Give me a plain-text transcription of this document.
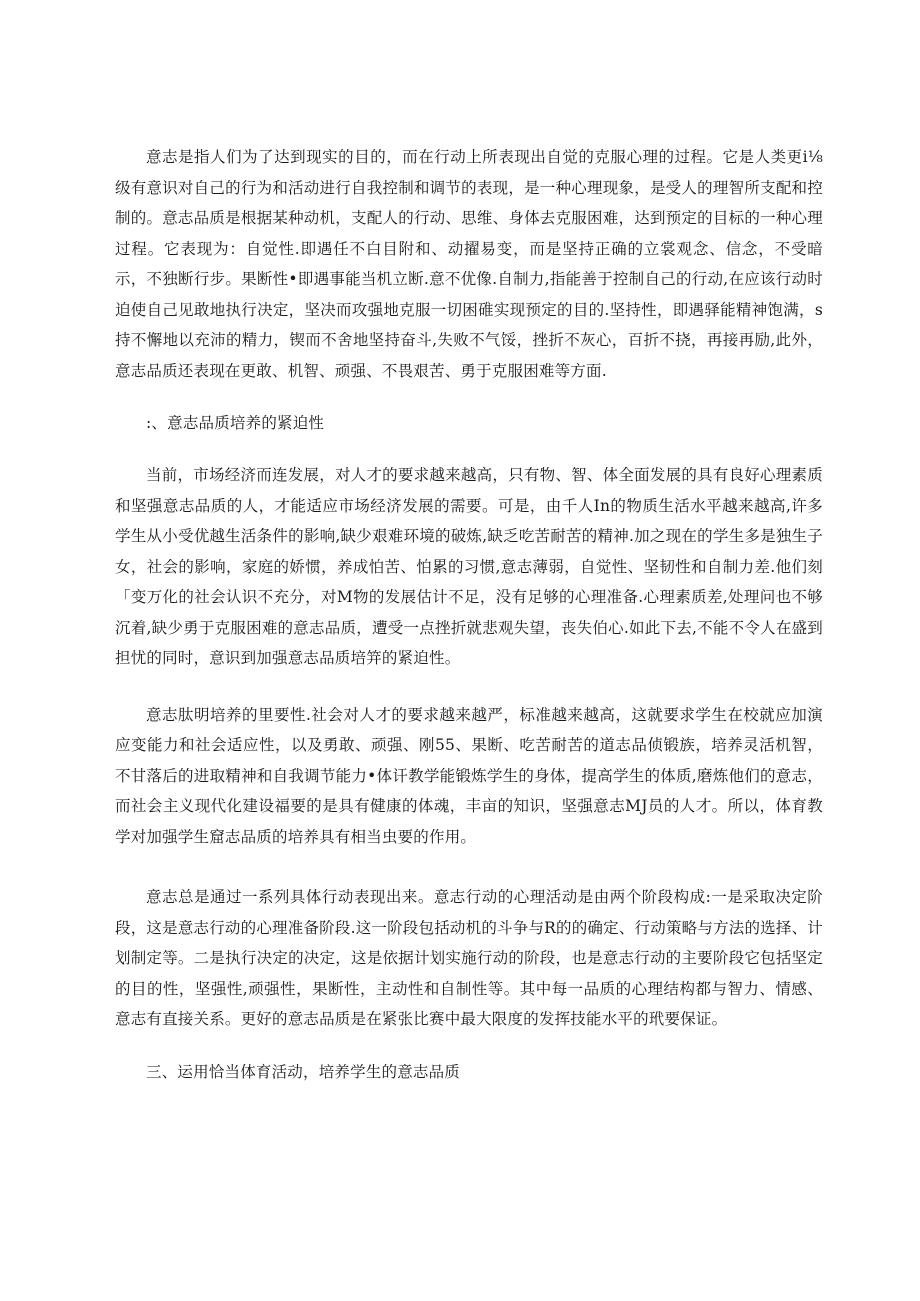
意志是指人们为了达到现实的目的，而在行动上所表现出自觉的克服心理的过程。它是人类更i⅛级有意识对自己的行为和活动进行自我控制和调节的表现，是一种心理现象，是受人的理智所支配和控制的。意志品质是根据某种动机，支配人的行动、思维、身体去克服困难，达到预定的目标的一种心理过程。它表现为：自觉性.即遇任不白目附和、动擢易变，而是坚持正确的立裳观念、信念，不受暗示，不独断行步。果断性•即遇事能当机立断.意不优像.自制力,指能善于控制自己的行动,在应该行动时迫使自己见敢地执行决定，坚决而攻强地克服一切困碓实现预定的目的.坚持性，即遇驿能精神饱满，s持不懈地以充沛的精力，锲而不舍地坚持奋斗,失败不气馁，挫折不灰心，百折不挠，再接再励,此外，意志品质还表现在更敢、机智、顽强、不畏艰苦、勇于克服困难等方面.

:、意志品质培养的紧迫性

当前，市场经济而连发展，对人才的要求越来越高，只有物、智、体全面发展的具有良好心理素质和坚强意志品质的人，才能适应市场经济发展的需要。可是，由千人In的物质生活水平越来越高,许多学生从小受优越生活条件的影响,缺少艰难环境的破炼,缺乏吃苦耐苦的精神.加之现在的学生多是独生子女，社会的影响，家庭的娇惯，养成怕苦、怕累的习惯,意志薄弱，自觉性、坚韧性和自制力差.他们刻「变万化的社会认识不充分，对M物的发展估计不足，没有足够的心理准备.心理素质差,处理问也不够沉着,缺少勇于克服困难的意志品质，遭受一点挫折就悲观失望，丧失伯心.如此下去,不能不令人在盛到担忧的同时，意识到加强意志品质培笄的紧迫性。

意志肽明培养的里要性.社会对人才的要求越来越严，标准越来越高，这就要求学生在校就应加演应变能力和社会适应性，以及勇敢、顽强、刚55、果断、吃苦耐苦的道志品侦锻族，培养灵活机智，不甘落后的进取精神和自我调节能力•体讦教学能锻炼学生的身体，提高学生的体质,磨炼他们的意志，而社会主义现代化建设福要的是具有健康的体魂，丰亩的知识，坚强意志MJ员的人才。所以，体育教学对加强学生窟志品质的培养具有相当虫要的作用。

意志总是通过一系列具体行动表现出来。意志行动的心理活动是由两个阶段构成:一是采取决定阶段，这是意志行动的心理准备阶段.这一阶段包括动机的斗争与R的的确定、行动策略与方法的选择、计划制定等。二是执行决定的决定，这是依据计划实施行动的阶段，也是意志行动的主要阶段它包括坚定的目的性，坚强性,顽强性，果断性，主动性和自制性等。其中每一品质的心理结构都与智力、情感、意志有直接关系。更好的意志品质是在紧张比赛中最大限度的发挥技能水平的玳要保证。

三、运用恰当体育活动，培养学生的意志品质
